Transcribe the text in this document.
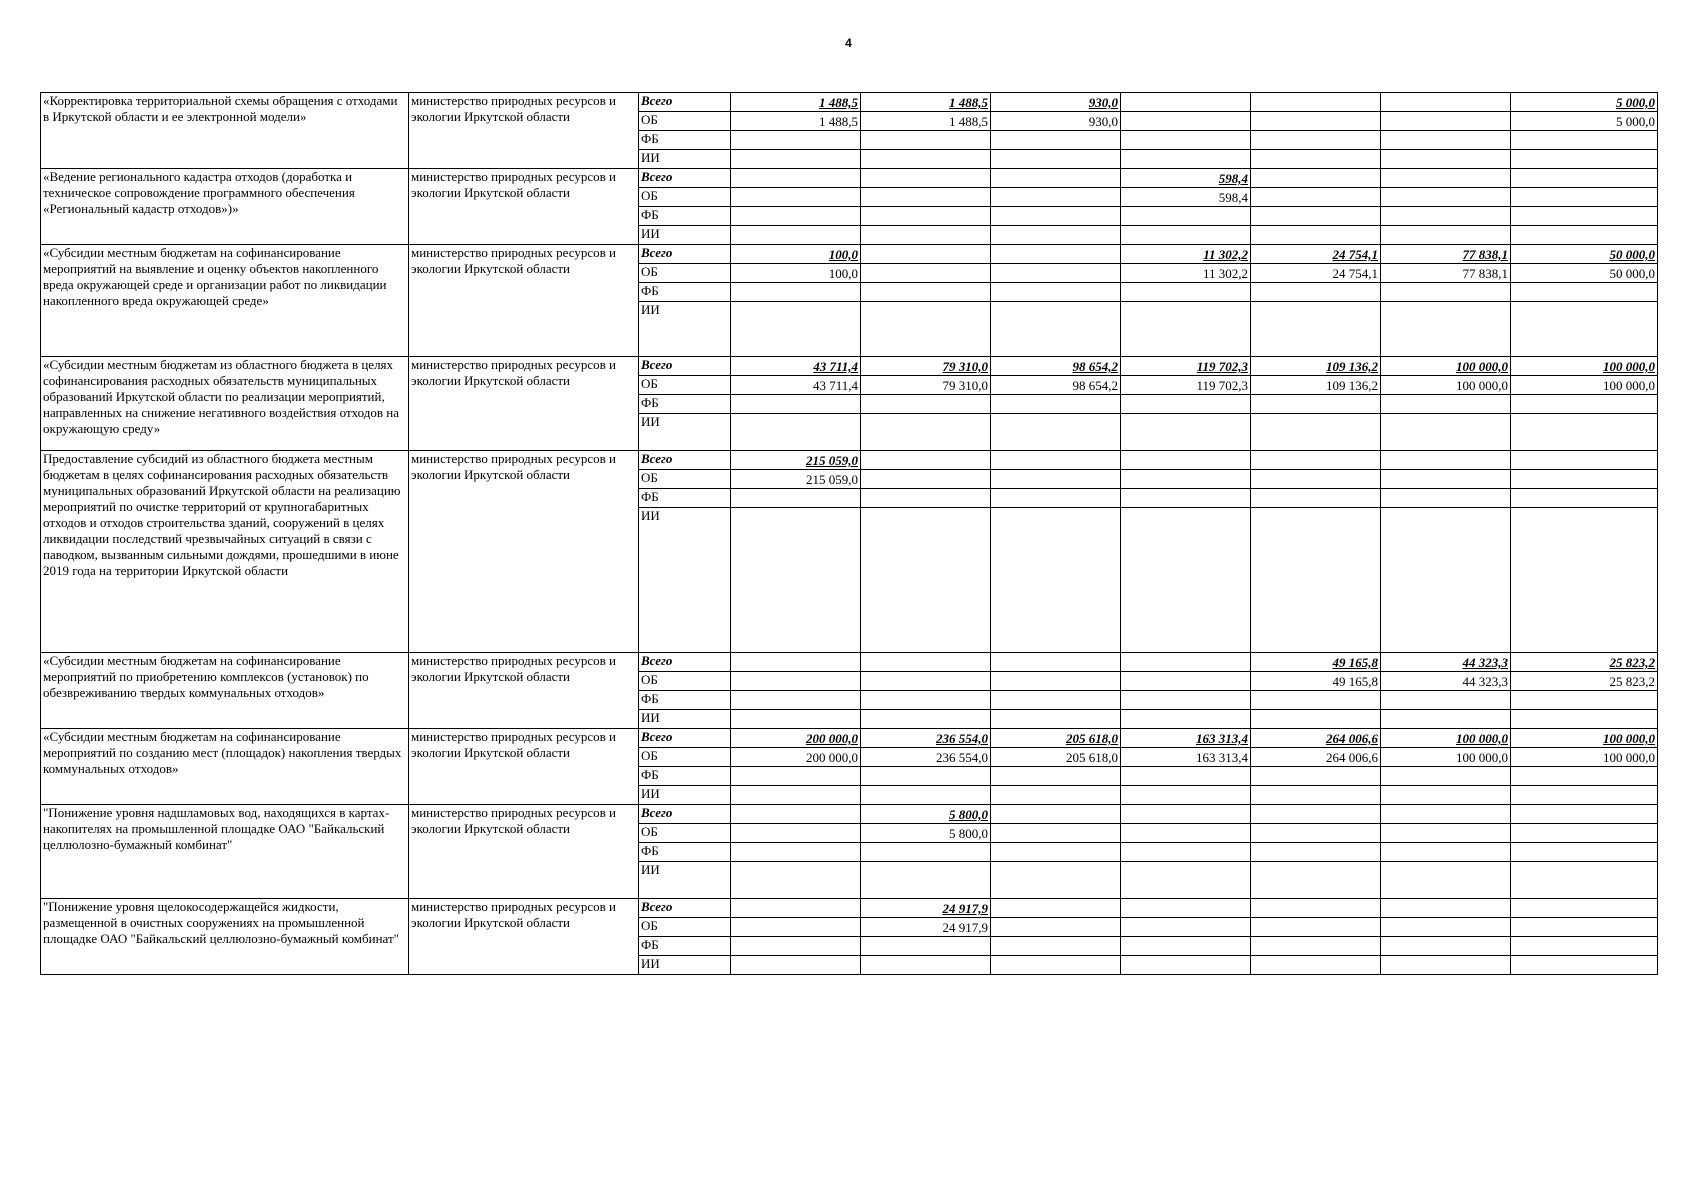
4
«Корректировка территориальной схемы обращения с отходами в Иркутской области и ее электронной модели»	министерство природных ресурсов и экологии Иркутской области	Всего	1 488,5	1 488,5	930,0				5 000,0
		ОБ	1 488,5	1 488,5	930,0				5 000,0
		ФБ							
		ИИ							
«Ведение регионального кадастра отходов (доработка и техническое сопровождение программного обеспечения «Региональный кадастр отходов»)»	министерство природных ресурсов и экологии Иркутской области	Всего				598,4			
		ОБ				598,4			
		ФБ							
		ИИ							
«Субсидии местным бюджетам на софинансирование мероприятий на выявление и оценку объектов накопленного вреда окружающей среде и организации работ по ликвидации накопленного вреда окружающей среде»	министерство природных ресурсов и экологии Иркутской области	Всего	100,0			11 302,2	24 754,1	77 838,1	50 000,0
		ОБ	100,0			11 302,2	24 754,1	77 838,1	50 000,0
		ФБ							
		ИИ							
«Субсидии местным бюджетам из областного бюджета в целях софинансирования расходных обязательств муниципальных образований Иркутской области по реализации мероприятий, направленных на снижение негативного воздействия отходов на окружающую среду»	министерство природных ресурсов и экологии Иркутской области	Всего	43 711,4	79 310,0	98 654,2	119 702,3	109 136,2	100 000,0	100 000,0
		ОБ	43 711,4	79 310,0	98 654,2	119 702,3	109 136,2	100 000,0	100 000,0
		ФБ							
		ИИ							
Предоставление субсидий из областного бюджета местным бюджетам в целях софинансирования расходных обязательств муниципальных образований Иркутской области на реализацию мероприятий по очистке территорий от крупногабаритных отходов и отходов строительства зданий, сооружений в целях ликвидации последствий чрезвычайных ситуаций в связи с паводком, вызванным сильными дождями, прошедшими в июне 2019 года на территории Иркутской области	министерство природных ресурсов и экологии Иркутской области	Всего	215 059,0						
		ОБ	215 059,0						
		ФБ							
		ИИ							
«Субсидии местным бюджетам на софинансирование мероприятий по приобретению комплексов (установок) по обезвреживанию твердых коммунальных отходов»	министерство природных ресурсов и экологии Иркутской области	Всего					49 165,8	44 323,3	25 823,2
		ОБ					49 165,8	44 323,3	25 823,2
		ФБ							
		ИИ							
«Субсидии местным бюджетам на софинансирование мероприятий по созданию мест (площадок) накопления твердых коммунальных отходов»	министерство природных ресурсов и экологии Иркутской области	Всего	200 000,0	236 554,0	205 618,0	163 313,4	264 006,6	100 000,0	100 000,0
		ОБ	200 000,0	236 554,0	205 618,0	163 313,4	264 006,6	100 000,0	100 000,0
		ФБ							
		ИИ							
"Понижение уровня надшламовых вод, находящихся в картах-накопителях на промышленной площадке ОАО "Байкальский целлюлозно-бумажный комбинат"	министерство природных ресурсов и экологии Иркутской области	Всего		5 800,0					
		ОБ		5 800,0					
		ФБ							
		ИИ							
"Понижение уровня щелокосодержащейся жидкости, размещенной в очистных сооружениях на промышленной площадке ОАО "Байкальский целлюлозно-бумажный комбинат"	министерство природных ресурсов и экологии Иркутской области	Всего		24 917,9					
		ОБ		24 917,9					
		ФБ							
		ИИ							
